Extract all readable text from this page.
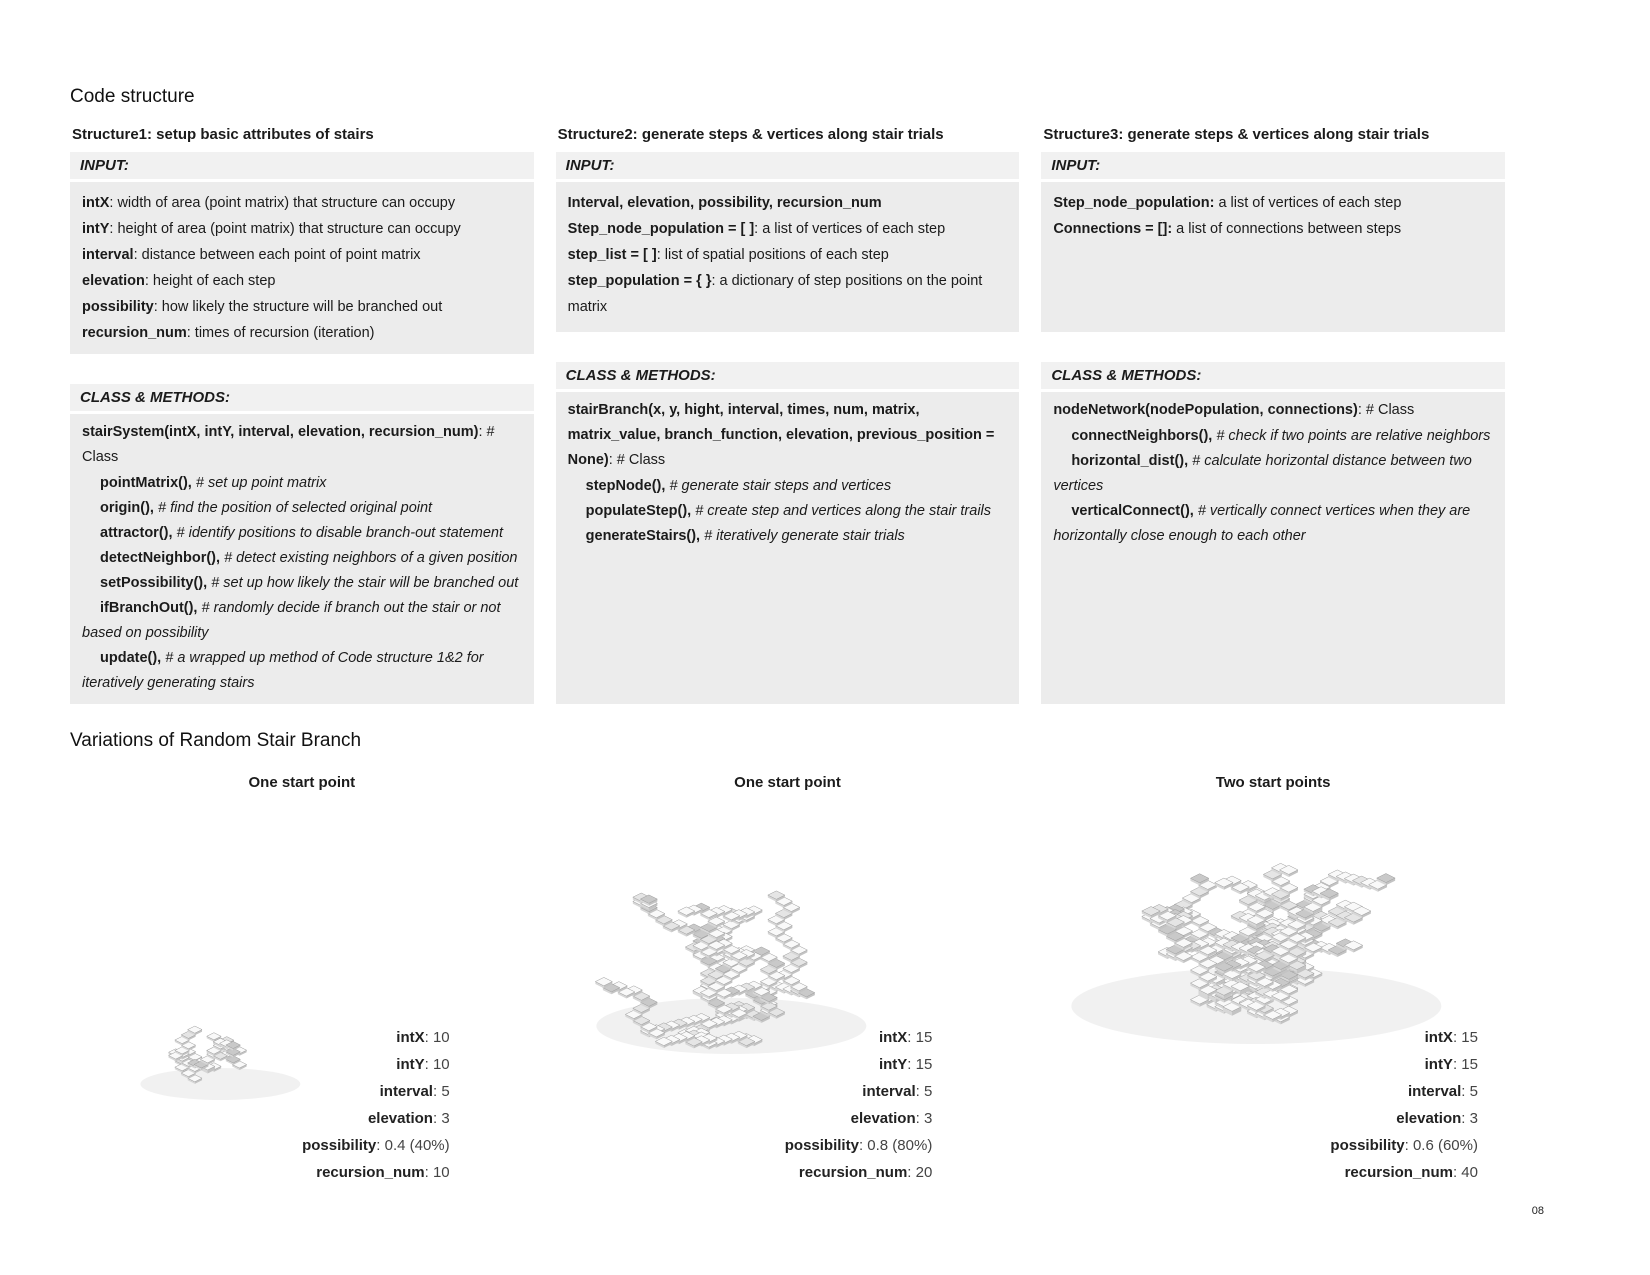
Code structure
Structure1: setup basic attributes of stairs
INPUT:

intX: width of area (point matrix) that structure can occupy

intY: height of area (point matrix) that structure can occupy

interval: distance between each point of point matrix

elevation: height of each step

possibility: how likely the structure will be branched out

recursion_num: times of recursion (iteration)

CLASS & METHODS:

stairSystem(intX, intY, interval, elevation, recursion_num): # Class

pointMatrix(), # set up point matrix

origin(), # find the position of selected original point

attractor(), # identify positions to disable branch-out statement

detectNeighbor(), # detect existing neighbors of a given position

setPossibility(), # set up how likely the stair will be branched out

ifBranchOut(), # randomly decide if branch out the stair or not based on possibility

update(), # a wrapped up method of Code structure 1&2 for iteratively generating stairs

Structure2: generate steps & vertices along stair trials
INPUT:

Interval, elevation, possibility, recursion_num

Step_node_population = [ ]: a list of vertices of each step

step_list = [ ]: list of spatial positions of each step

step_population = { }: a dictionary of step positions on the point matrix

CLASS & METHODS:

stairBranch(x, y, hight, interval, times, num, matrix, matrix_value, branch_function, elevation, previous_position = None): # Class

stepNode(), # generate stair steps and vertices

populateStep(), # create step and vertices along the stair trails

generateStairs(), # iteratively generate stair trials

Structure3: generate steps & vertices along stair trials
INPUT:

Step_node_population: a list of vertices of each step

Connections = []: a list of connections between steps

CLASS & METHODS:

nodeNetwork(nodePopulation, connections): # Class

connectNeighbors(), # check if two points are relative neighbors

horizontal_dist(), # calculate horizontal distance between two vertices

verticalConnect(), # vertically connect vertices when they are horizontally close enough to each other

Variations of Random Stair Branch
One start point
intX : 10
intY : 10
interval : 5
elevation : 3
possibility : 0.4 (40%)
recursion_num : 10
One start point
intX : 15
intY : 15
interval : 5
elevation : 3
possibility : 0.8 (80%)
recursion_num : 20
Two start points
intX : 15
intY : 15
interval : 5
elevation : 3
possibility : 0.6 (60%)
recursion_num : 40
08
